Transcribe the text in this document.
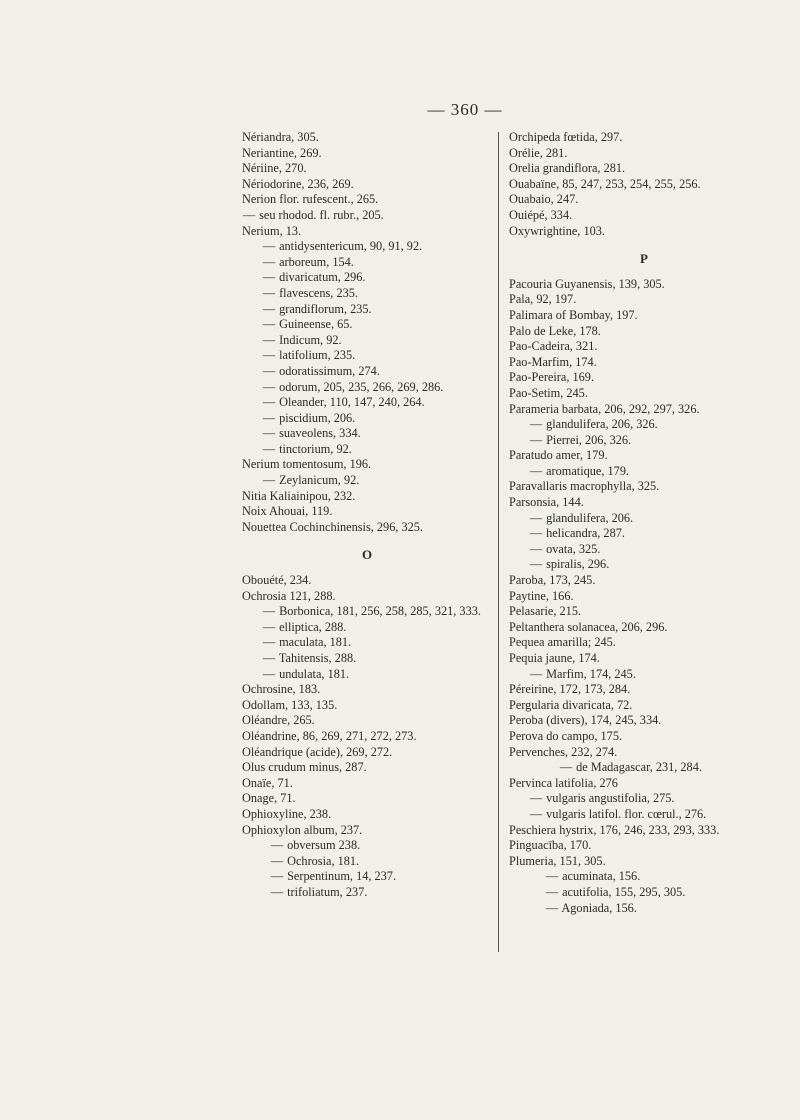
— 360 —
Nériandra, 305.
Neriantine, 269.
Nériine, 270.
Nériodorine, 236, 269.
Nerion flor. rufescent., 265.
— seu rhodod. fl. rubr., 205.
Nerium, 13.
— antidysentericum, 90, 91, 92.
— arboreum, 154.
— divaricatum, 296.
— flavescens, 235.
— grandiflorum, 235.
— Guineense, 65.
— Indicum, 92.
— latifolium, 235.
— odoratissimum, 274.
— odorum, 205, 235, 266, 269, 286.
— Oleander, 110, 147, 240, 264.
— piscidium, 206.
— suaveolens, 334.
— tinctorium, 92.
Nerium tomentosum, 196.
— Zeylanicum, 92.
Nitia Kaliainipou, 232.
Noix Ahouai, 119.
Nouettea Cochinchinensis, 296, 325.
O
Obouété, 234.
Ochrosia 121, 288.
— Borbonica, 181, 256, 258, 285, 321, 333.
— elliptica, 288.
— maculata, 181.
— Tahitensis, 288.
— undulata, 181.
Ochrosine, 183.
Odollam, 133, 135.
Oléandre, 265.
Oléandrine, 86, 269, 271, 272, 273.
Oléandrique (acide), 269, 272.
Olus crudum minus, 287.
Onaïe, 71.
Onage, 71.
Ophioxyline, 238.
Ophioxylon album, 237.
— obversum 238.
— Ochrosia, 181.
— Serpentinum, 14, 237.
— trifoliatum, 237.
Orchipeda fœtida, 297.
Orélie, 281.
Orelia grandiflora, 281.
Ouabaïne, 85, 247, 253, 254, 255, 256.
Ouabaio, 247.
Ouiépé, 334.
Oxywrightine, 103.
P
Pacouria Guyanensis, 139, 305.
Pala, 92, 197.
Palimara of Bombay, 197.
Palo de Leke, 178.
Pao-Cadeira, 321.
Pao-Marfim, 174.
Pao-Pereira, 169.
Pao-Setim, 245.
Parameria barbata, 206, 292, 297, 326.
— glandulifera, 206, 326.
— Pierrei, 206, 326.
Paratudo amer, 179.
— aromatique, 179.
Paravallaris macrophylla, 325.
Parsonsia, 144.
— glandulifera, 206.
— helicandra, 287.
— ovata, 325.
— spiralis, 296.
Paroba, 173, 245.
Paytine, 166.
Pelasarie, 215.
Peltanthera solanacea, 206, 296.
Pequea amarilla; 245.
Pequia jaune, 174.
— Marfim, 174, 245.
Péreirine, 172, 173, 284.
Pergularia divaricata, 72.
Peroba (divers), 174, 245, 334.
Perova do campo, 175.
Pervenches, 232, 274.
— de Madagascar, 231, 284.
Pervinca latifolia, 276
— vulgaris angustifolia, 275.
— vulgaris latifol. flor. cœrul., 276.
Peschiera hystrix, 176, 246, 233, 293, 333.
Pinguacība, 170.
Plumeria, 151, 305.
— acuminata, 156.
— acutifolia, 155, 295, 305.
— Agoniada, 156.
